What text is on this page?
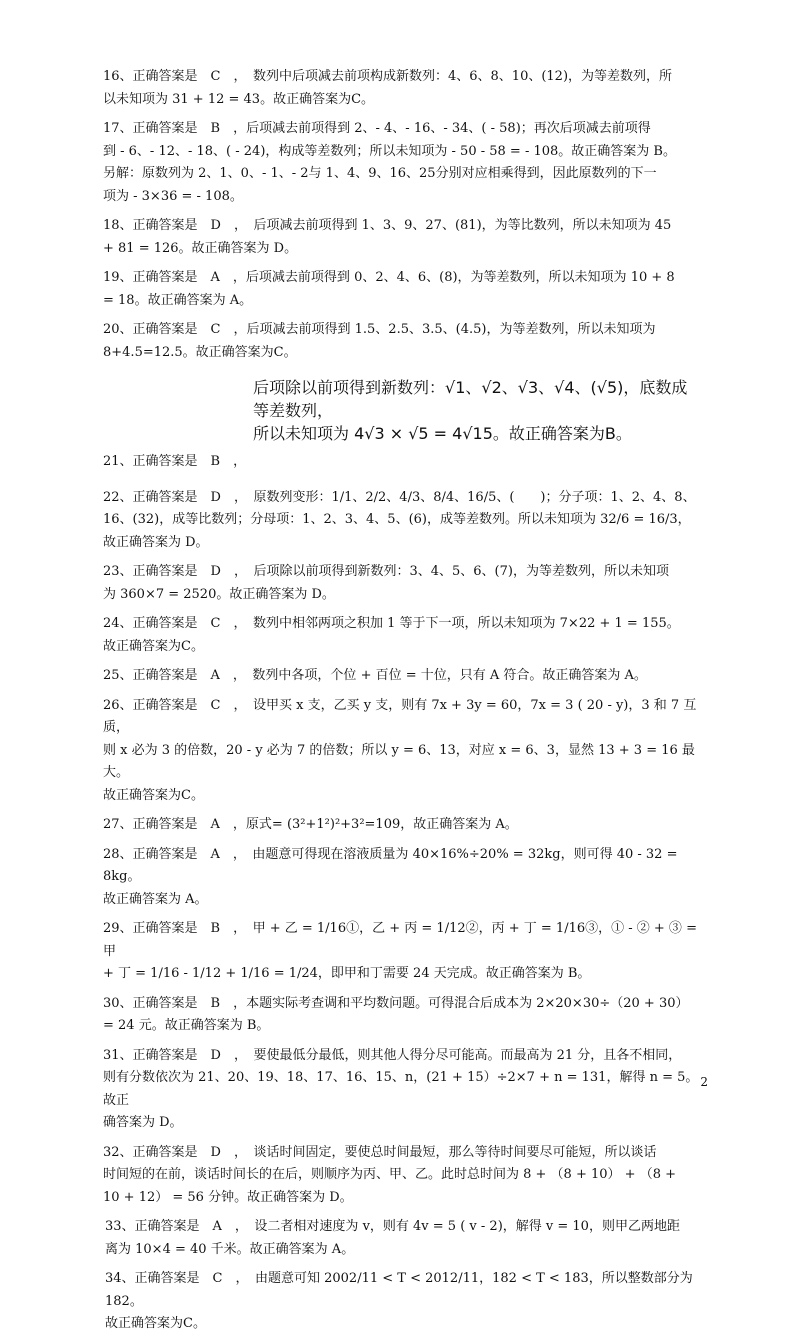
16、正确答案是　C　，　数列中后项减去前项构成新数列：4、6、8、10、(12)，为等差数列，所

以未知项为 31 + 12 = 43。故正确答案为C。

17、正确答案是　B　，后项减去前项得到 2、- 4、- 16、- 34、( - 58)；再次后项减去前项得

到 - 6、- 12、- 18、( - 24)，构成等差数列；所以未知项为 - 50 - 58 = - 108。故正确答案为 B。

另解：原数列为 2、1、0、- 1、- 2与 1、4、9、16、25分别对应相乘得到，因此原数列的下一

项为 - 3×36 = - 108。

18、正确答案是　D　，　后项减去前项得到 1、3、9、27、(81)，为等比数列，所以未知项为 45

+ 81 = 126。故正确答案为 D。

19、正确答案是　A　，后项减去前项得到 0、2、4、6、(8)，为等差数列，所以未知项为 10 + 8

= 18。故正确答案为 A。

20、正确答案是　C　，后项减去前项得到 1.5、2.5、3.5、(4.5)，为等差数列，所以未知项为

8+4.5=12.5。故正确答案为C。

后项除以前项得到新数列：√1、√2、√3、√4、(√5)，底数成等差数列，

所以未知项为 4√3 × √5 = 4√15。故正确答案为B。

21、正确答案是　B　，

22、正确答案是　D　，　原数列变形：1/1、2/2、4/3、8/4、16/5、(　　)；分子项：1、2、4、8、

16、(32)，成等比数列；分母项：1、2、3、4、5、(6)，成等差数列。所以未知项为 32/6 = 16/3，

故正确答案为 D。

23、正确答案是　D　，　后项除以前项得到新数列：3、4、5、6、(7)，为等差数列，所以未知项

为 360×7 = 2520。故正确答案为 D。

24、正确答案是　C　，　数列中相邻两项之积加 1 等于下一项，所以未知项为 7×22 + 1 = 155。

故正确答案为C。

25、正确答案是　A　，　数列中各项，个位 + 百位 = 十位，只有 A 符合。故正确答案为 A。

26、正确答案是　C　，　设甲买 x 支，乙买 y 支，则有 7x + 3y = 60，7x = 3 ( 20 - y)，3 和 7 互质，

则 x 必为 3 的倍数，20 - y 必为 7 的倍数；所以 y = 6、13，对应 x = 6、3，显然 13 + 3 = 16 最大。

故正确答案为C。

27、正确答案是　A　，原式= (3²+1²)²+3²=109，故正确答案为 A。

28、正确答案是　A　，　由题意可得现在溶液质量为 40×16%÷20% = 32kg，则可得 40 - 32 = 8kg。

故正确答案为 A。

29、正确答案是　B　，　甲 + 乙 = 1/16①，乙 + 丙 = 1/12②，丙 + 丁 = 1/16③，① - ② + ③ = 甲

+ 丁 = 1/16 - 1/12 + 1/16 = 1/24，即甲和丁需要 24 天完成。故正确答案为 B。

30、正确答案是　B　，本题实际考查调和平均数问题。可得混合后成本为 2×20×30÷（20 + 30）

= 24 元。故正确答案为 B。

31、正确答案是　D　，　要使最低分最低，则其他人得分尽可能高。而最高为 21 分，且各不相同，

则有分数依次为 21、20、19、18、17、16、15、n，(21 + 15）÷2×7 + n = 131，解得 n = 5。故正

确答案为 D。

32、正确答案是　D　，　谈话时间固定，要使总时间最短，那么等待时间要尽可能短，所以谈话

时间短的在前，谈话时间长的在后，则顺序为丙、甲、乙。此时总时间为 8 + （8 + 10） + （8 +

10 + 12） = 56 分钟。故正确答案为 D。

33、正确答案是　A　，　设二者相对速度为 v，则有 4v = 5 ( v - 2)，解得 v = 10，则甲乙两地距

离为 10×4 = 40 千米。故正确答案为 A。

34、正确答案是　C　，　由题意可知 2002/11 < T < 2012/11，182 < T < 183，所以整数部分为 182。

故正确答案为C。

2
